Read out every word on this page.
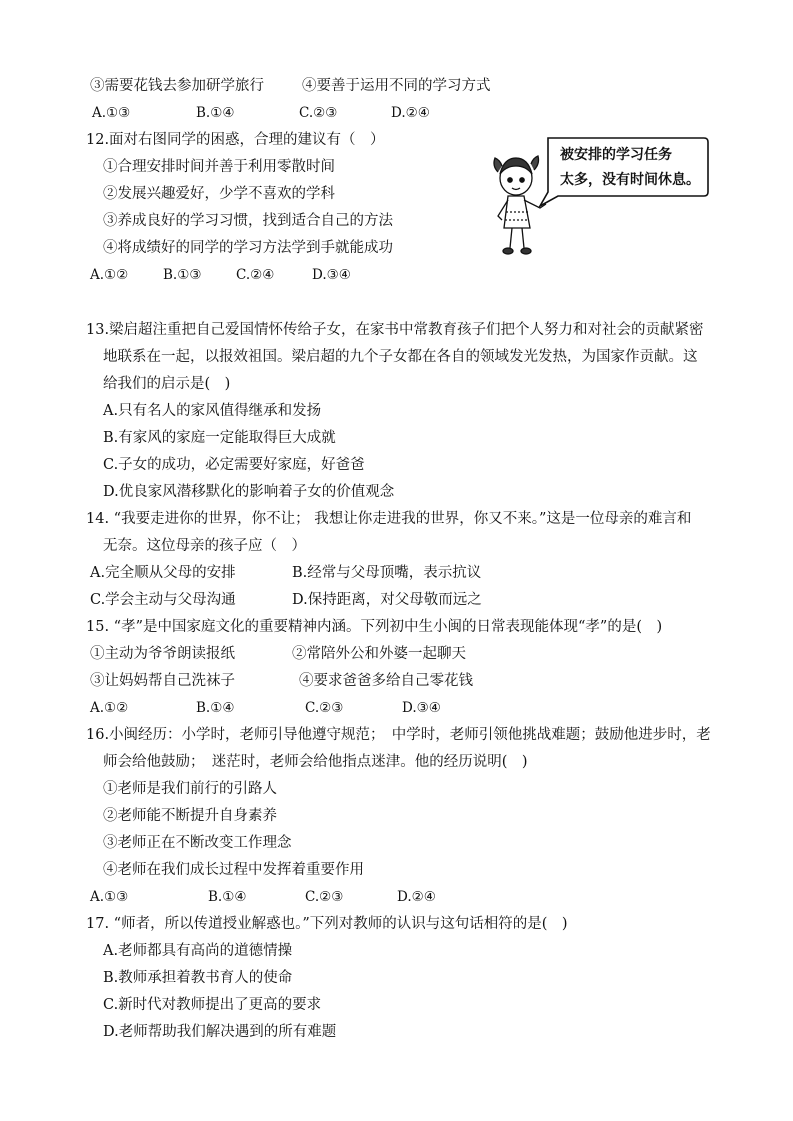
③需要花钱去参加研学旅行	④要善于运用不同的学习方式
A.①③	B.①④	C.②③	D.②④
12.面对右图同学的困惑，合理的建议有（　）
①合理安排时间并善于利用零散时间
②发展兴趣爱好，少学不喜欢的学科
③养成良好的学习习惯，找到适合自己的方法
④将成绩好的同学的学习方法学到手就能成功
A.①②	B.①③	C.②④	D.③④
被安排的学习任务
太多，没有时间休息。
13.梁启超注重把自己爱国情怀传给子女，在家书中常教育孩子们把个人努力和对社会的贡献紧密
地联系在一起，以报效祖国。梁启超的九个子女都在各自的领域发光发热，为国家作贡献。这
给我们的启示是(　)
A.只有名人的家风值得继承和发扬
B.有家风的家庭一定能取得巨大成就
C.子女的成功，必定需要好家庭，好爸爸
D.优良家风潜移默化的影响着子女的价值观念
14. “我要走进你的世界，你不让； 我想让你走进我的世界，你又不来。”这是一位母亲的难言和
无奈。这位母亲的孩子应（　）
A.完全顺从父母的安排	B.经常与父母顶嘴，表示抗议
C.学会主动与父母沟通	D.保持距离，对父母敬而远之
15. “孝”是中国家庭文化的重要精神内涵。下列初中生小闽的日常表现能体现“孝”的是(　)
①主动为爷爷朗读报纸	②常陪外公和外婆一起聊天
③让妈妈帮自己洗袜子	④要求爸爸多给自己零花钱
A.①②	B.①④	C.②③	D.③④
16.小闽经历：小学时，老师引导他遵守规范；　中学时，老师引领他挑战难题；鼓励他进步时，老
师会给他鼓励；　迷茫时，老师会给他指点迷津。他的经历说明(　)
①老师是我们前行的引路人
②老师能不断提升自身素养
③老师正在不断改变工作理念
④老师在我们成长过程中发挥着重要作用
A.①③	B.①④	C.②③	D.②④
17. “师者，所以传道授业解惑也。”下列对教师的认识与这句话相符的是(　)
A.老师都具有高尚的道德情操
B.教师承担着教书育人的使命
C.新时代对教师提出了更高的要求
D.老师帮助我们解决遇到的所有难题
